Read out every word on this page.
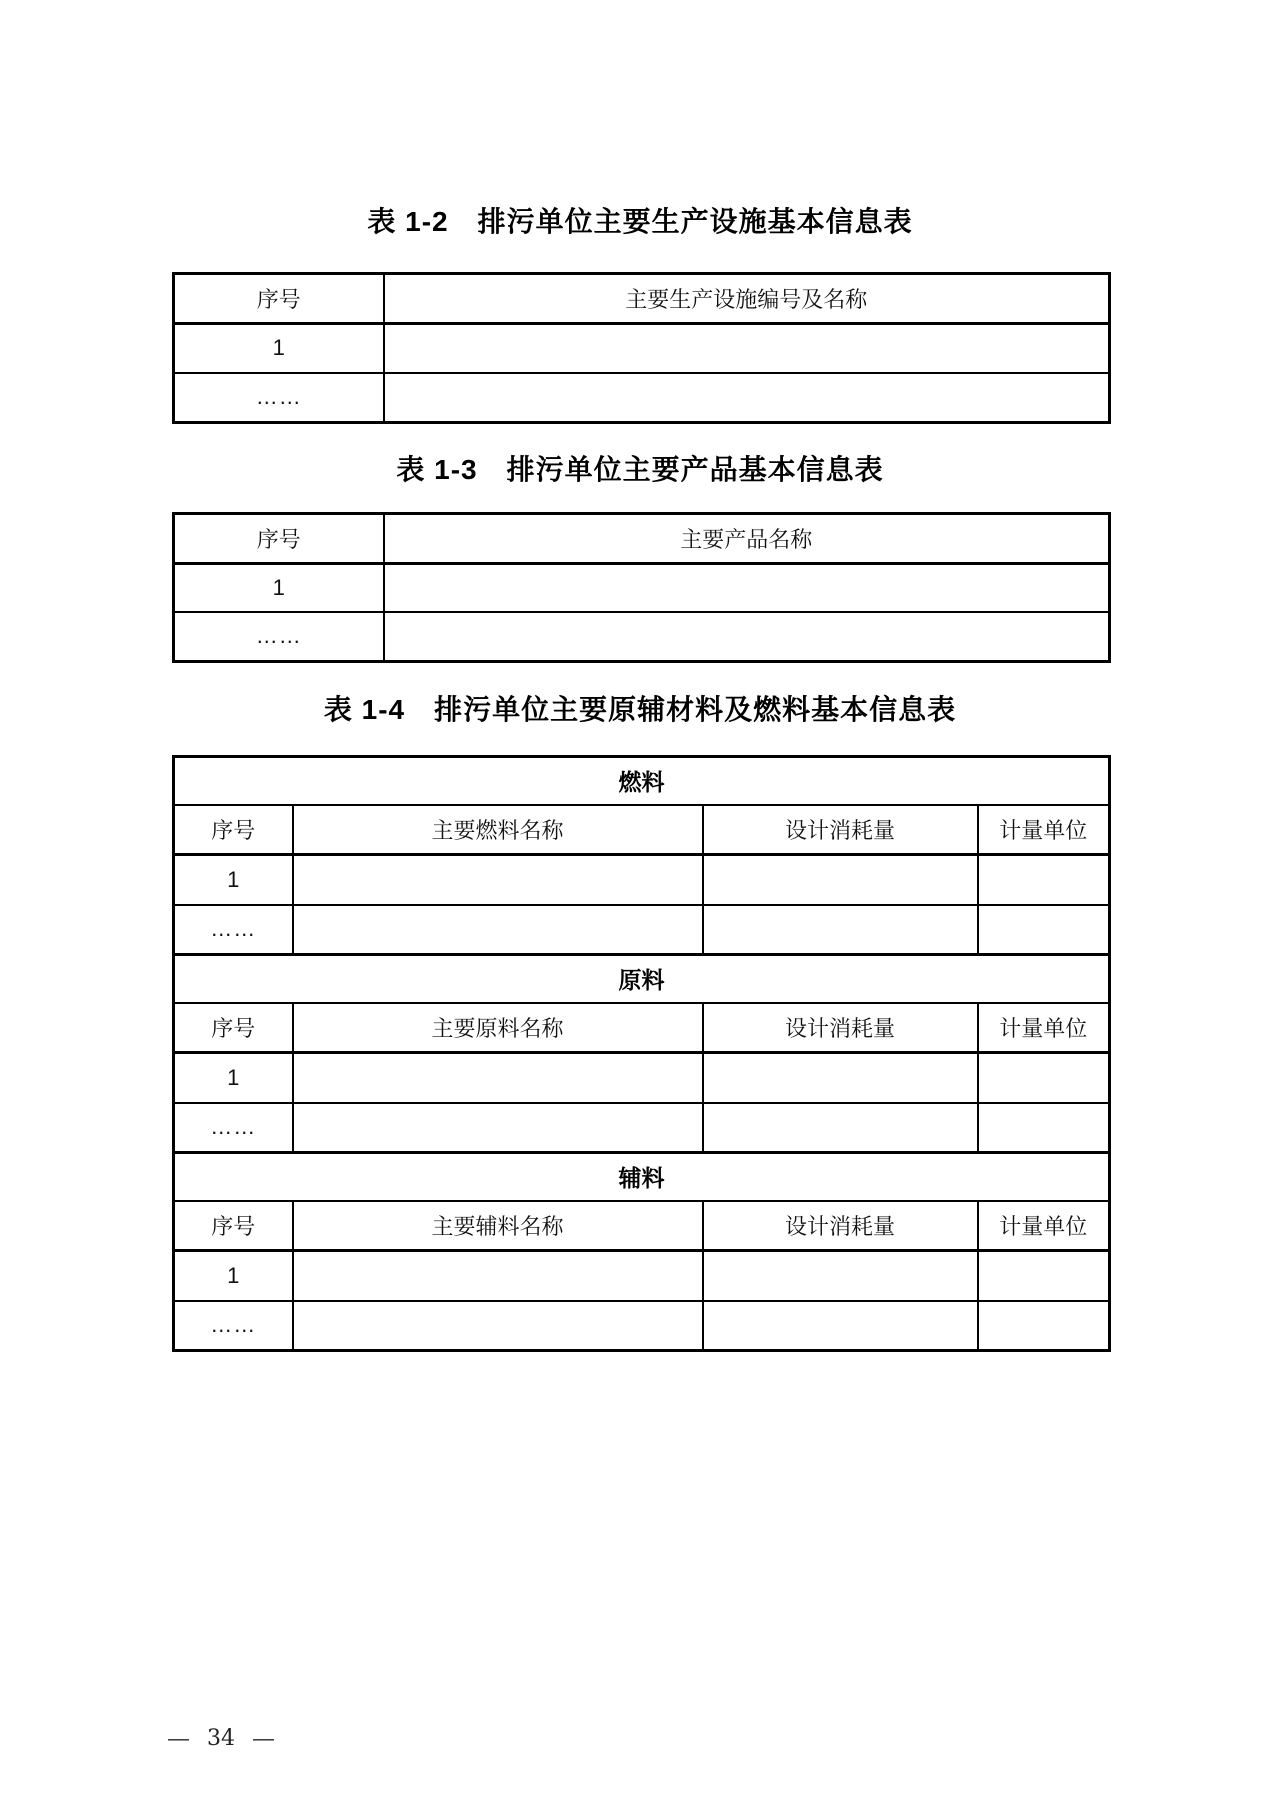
表 1-2　排污单位主要生产设施基本信息表
序号	主要生产设施编号及名称
1	
……	
表 1-3　排污单位主要产品基本信息表
序号	主要产品名称
1	
……	
表 1-4　排污单位主要原辅材料及燃料基本信息表
燃料			
序号	主要燃料名称	设计消耗量	计量单位
1			
……			
原料			
序号	主要原料名称	设计消耗量	计量单位
1			
……			
辅料			
序号	主要辅料名称	设计消耗量	计量单位
1			
……			
— 34 —
